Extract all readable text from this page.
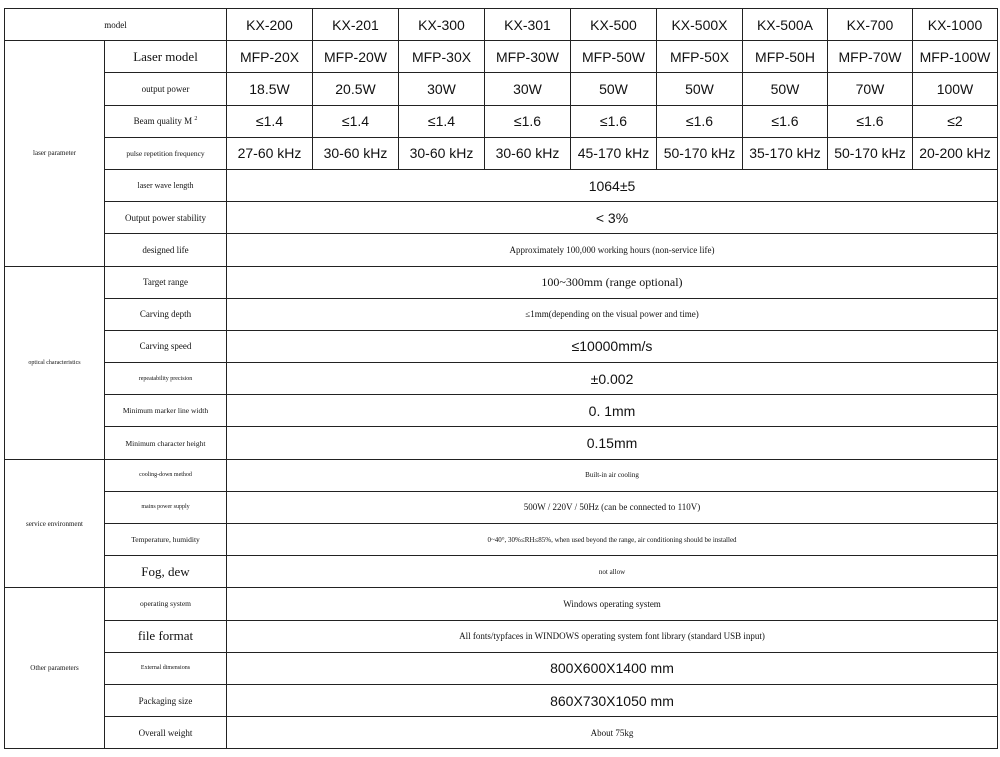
model		KX-200	KX-201	KX-300	KX-301	KX-500	KX-500X	KX-500A	KX-700	KX-1000
laser parameter	Laser model	MFP-20X	MFP-20W	MFP-30X	MFP-30W	MFP-50W	MFP-50X	MFP-50H	MFP-70W	MFP-100W
	output power	18.5W	20.5W	30W	30W	50W	50W	50W	70W	100W
	Beam quality M $^2$	≤1.4	≤1.4	≤1.4	≤1.6	≤1.6	≤1.6	≤1.6	≤1.6	≤2
	pulse repetition frequency	27-60 kHz	30-60 kHz	30-60 kHz	30-60 kHz	45-170 kHz	50-170 kHz	35-170 kHz	50-170 kHz	20-200 kHz
	laser wave length	1064±5								
	Output power stability	< 3%								
	designed life	Approximately 100,000 working hours (non-service life)								
optical characteristics	Target range	100~300mm (range optional)								
	Carving depth	≤1mm(depending on the visual power and time)								
	Carving speed	≤10000mm/s								
	repeatability precision	±0.002								
	Minimum marker line width	0. 1mm								
	Minimum character height	0.15mm								
service environment	cooling-down method	Built-in air cooling								
	mains power supply	500W / 220V / 50Hz (can be connected to 110V)								
	Temperature, humidity	0~40°, 30%≤RH≤85%, when used beyond the range, air conditioning should be installed								
	Fog, dew	not allow								
Other parameters	operating system	Windows operating system								
	file format	All fonts/typfaces in WINDOWS operating system font library (standard USB input)								
	External dimensions	800X600X1400 mm								
	Packaging size	860X730X1050 mm								
	Overall weight	About 75kg								
